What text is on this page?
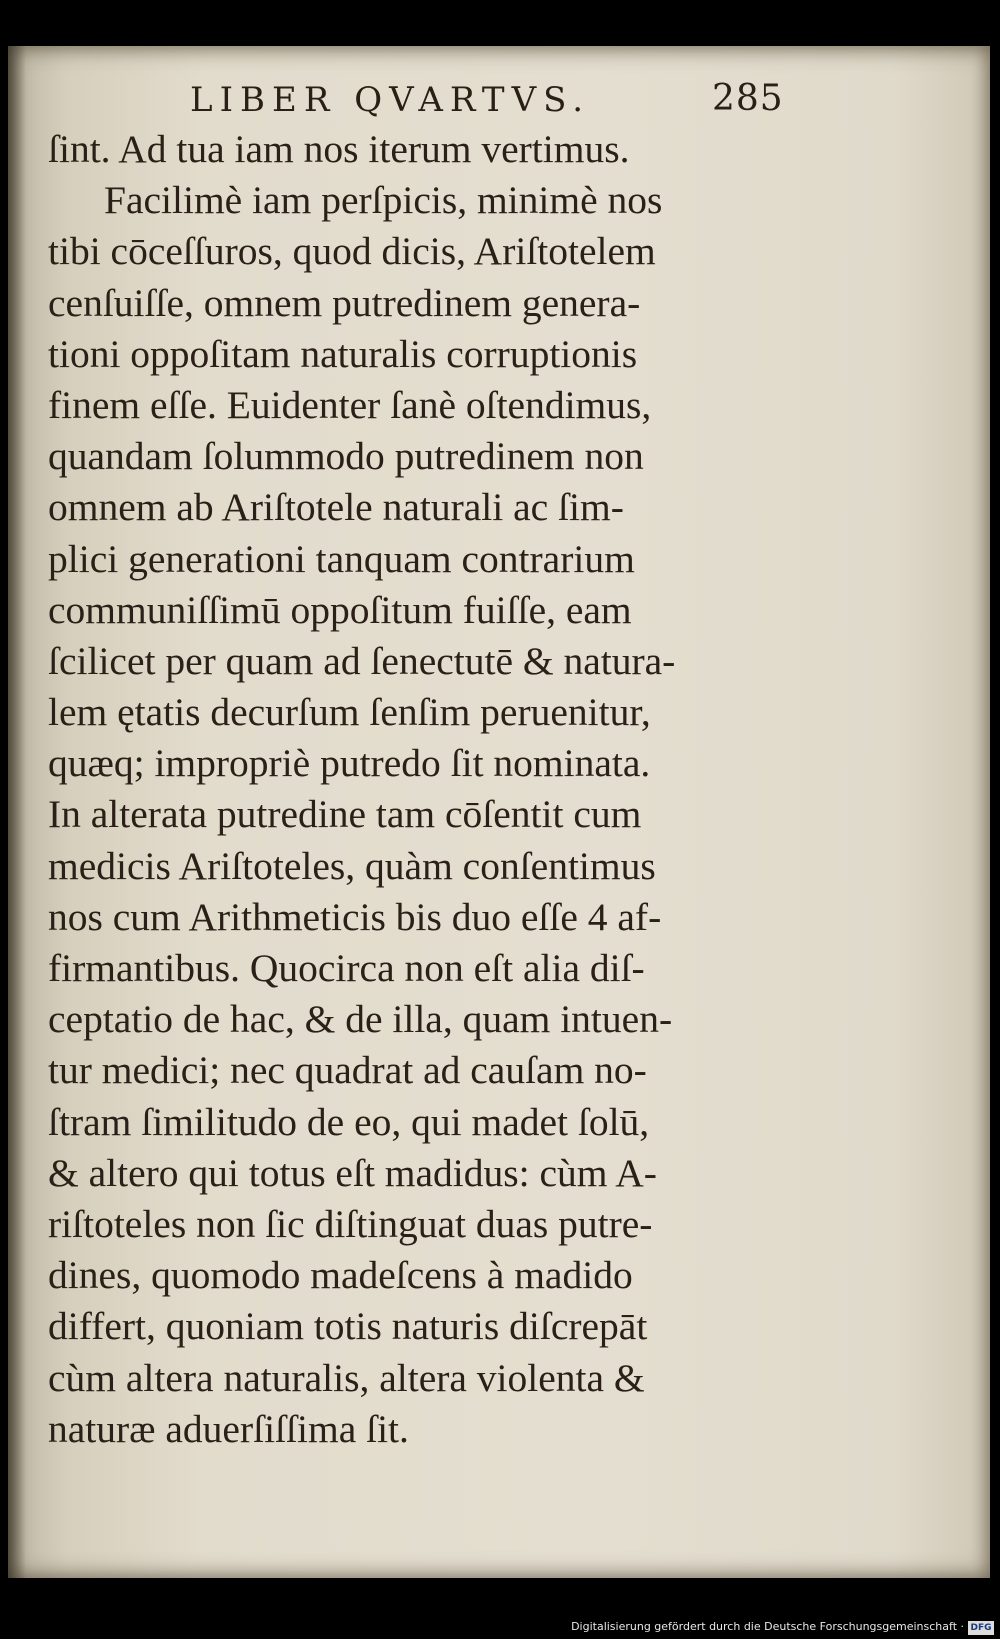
LIBER QVARTVS.	285
ſint. Ad tua iam nos iterum vertimus.
Facilimè iam perſpicis, minimè nos
tibi cōceſſuros, quod dicis, Ariſtotelem
cenſuiſſe, omnem putredinem genera-
tioni oppoſitam naturalis corruptionis
finem eſſe. Euidenter ſanè oſtendimus,
quandam ſolummodo putredinem non
omnem ab Ariſtotele naturali ac ſim-
plici generationi tanquam contrarium
communiſſimū oppoſitum fuiſſe, eam
ſcilicet per quam ad ſenectutē & natura-
lem ętatis decurſum ſenſim peruenitur,
quæq; impropriè putredo ſit nominata.
In alterata putredine tam cōſentit cum
medicis Ariſtoteles, quàm conſentimus
nos cum Arithmeticis bis duo eſſe 4 af-
firmantibus. Quocirca non eſt alia diſ-
ceptatio de hac, & de illa, quam intuen-
tur medici; nec quadrat ad cauſam no-
ſtram ſimilitudo de eo, qui madet ſolū,
& altero qui totus eſt madidus: cùm A-
riſtoteles non ſic diſtinguat duas putre-
dines, quomodo madeſcens à madido
differt, quoniam totis naturis diſcrepāt
cùm altera naturalis, altera violenta &
naturæ aduerſiſſima ſit.
Digitalisierung gefördert durch die Deutsche Forschungsgemeinschaft · DFG
